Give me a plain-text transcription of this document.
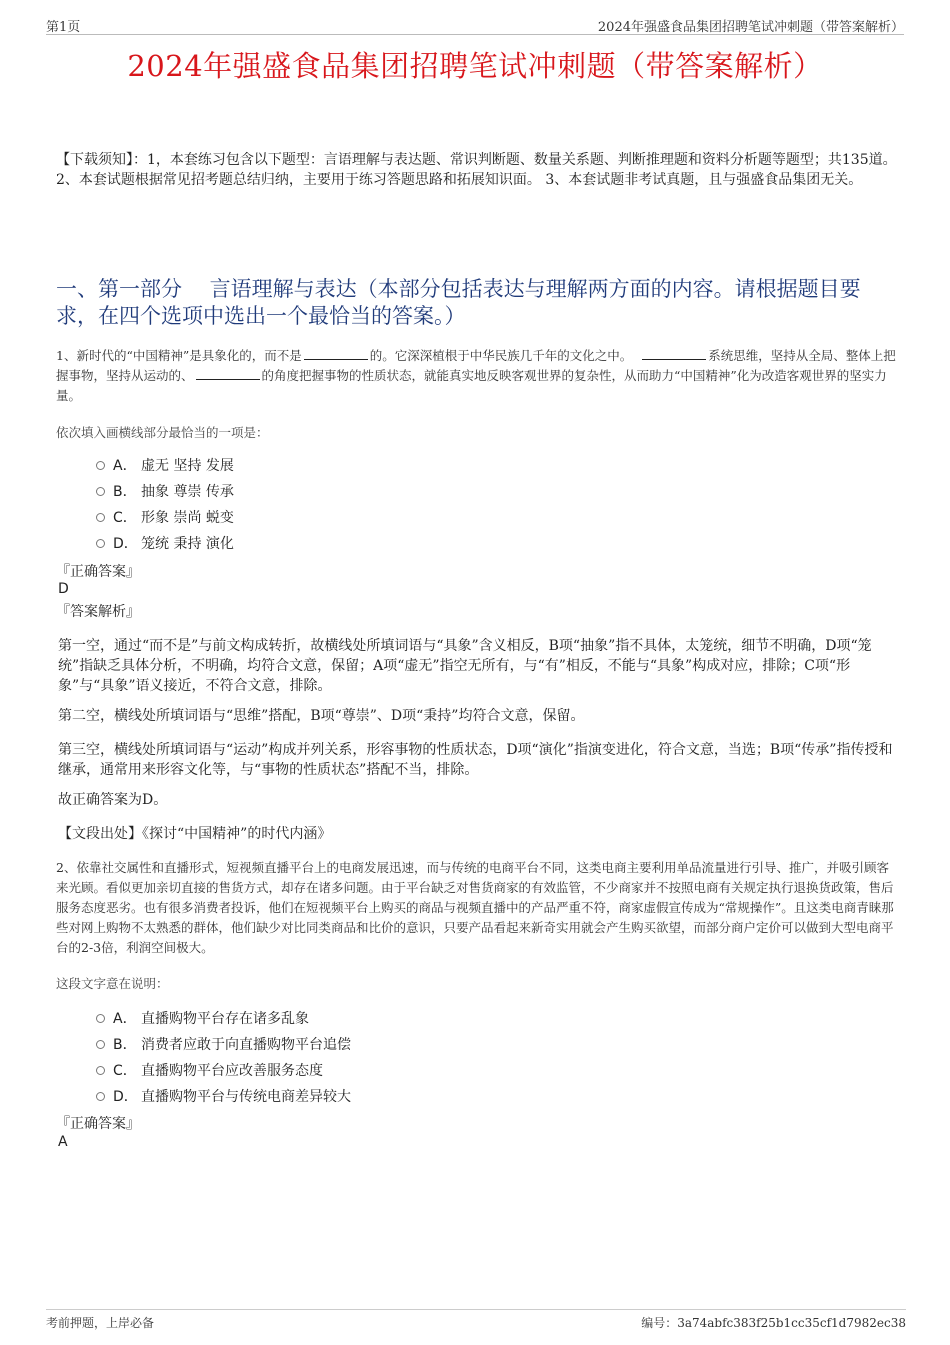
第1页	2024年强盛食品集团招聘笔试冲刺题（带答案解析）
2024年强盛食品集团招聘笔试冲刺题（带答案解析）
【下载须知】：1，本套练习包含以下题型：言语理解与表达题、常识判断题、数量关系题、判断推理题和资料分析题等题型；共135道。 2、本套试题根据常见招考题总结归纳，主要用于练习答题思路和拓展知识面。 3、本套试题非考试真题，且与强盛食品集团无关。
一、第一部分　 言语理解与表达（本部分包括表达与理解两方面的内容。请根据题目要求，在四个选项中选出一个最恰当的答案。）
1、新时代的“中国精神”是具象化的，而不是	的。它深深植根于中华民族几千年的文化之中。	系统思维，坚持从全局、整体上把握事物，坚持从运动的、	的角度把握事物的性质状态，就能真实地反映客观世界的复杂性，从而助力“中国精神”化为改造客观世界的坚实力量。
依次填入画横线部分最恰当的一项是：
A． 虚无 坚持 发展
B． 抽象 尊崇 传承
C． 形象 崇尚 蜕变
D． 笼统 秉持 演化
『正确答案』
D
『答案解析』
第一空，通过“而不是”与前文构成转折，故横线处所填词语与“具象”含义相反，B项“抽象”指不具体，太笼统，细节不明确，D项“笼统”指缺乏具体分析，不明确，均符合文意，保留；A项“虚无”指空无所有，与“有”相反，不能与“具象”构成对应，排除；C项“形象”与“具象”语义接近，不符合文意，排除。
第二空，横线处所填词语与“思维”搭配，B项“尊崇”、D项“秉持”均符合文意，保留。
第三空，横线处所填词语与“运动”构成并列关系，形容事物的性质状态，D项“演化”指演变进化，符合文意，当选；B项“传承”指传授和继承，通常用来形容文化等，与“事物的性质状态”搭配不当，排除。
故正确答案为D。
【文段出处】《探讨“中国精神”的时代内涵》
2、依靠社交属性和直播形式，短视频直播平台上的电商发展迅速，而与传统的电商平台不同，这类电商主要利用单品流量进行引导、推广，并吸引顾客来光顾。看似更加亲切直接的售货方式，却存在诸多问题。由于平台缺乏对售货商家的有效监管，不少商家并不按照电商有关规定执行退换货政策，售后服务态度恶劣。也有很多消费者投诉，他们在短视频平台上购买的商品与视频直播中的产品严重不符，商家虚假宣传成为“常规操作”。且这类电商青睐那些对网上购物不太熟悉的群体，他们缺少对比同类商品和比价的意识，只要产品看起来新奇实用就会产生购买欲望，而部分商户定价可以做到大型电商平台的2-3倍，利润空间极大。
这段文字意在说明：
A． 直播购物平台存在诸多乱象
B． 消费者应敢于向直播购物平台追偿
C． 直播购物平台应改善服务态度
D． 直播购物平台与传统电商差异较大
『正确答案』
A
考前押题，上岸必备	编号：3a74abfc383f25b1cc35cf1d7982ec38
